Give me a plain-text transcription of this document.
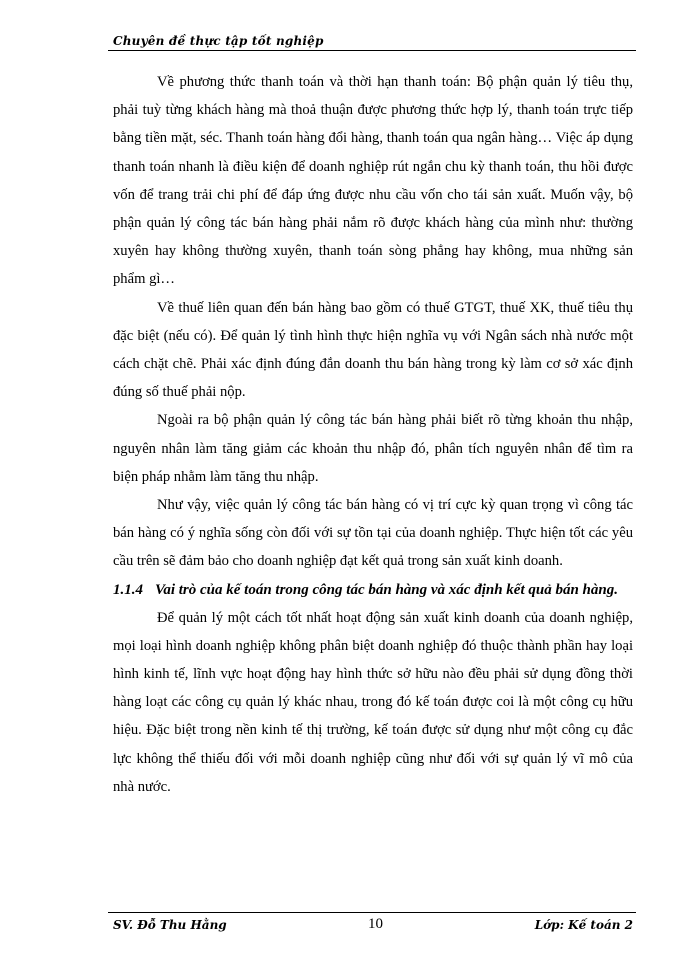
Chuyên đề thực tập tốt nghiệp

Về phương thức thanh toán và thời hạn thanh toán: Bộ phận quản lý tiêu thụ, phải tuỳ từng khách hàng mà thoả thuận được phương thức hợp lý, thanh toán trực tiếp bằng tiền mặt, séc. Thanh toán hàng đổi hàng, thanh toán qua ngân hàng… Việc áp dụng thanh toán nhanh là điều kiện để doanh nghiệp rút ngắn chu kỳ thanh toán, thu hồi được vốn để trang trải chi phí để đáp ứng được nhu cầu vốn cho tái sản xuất. Muốn vậy, bộ phận quản lý công tác bán hàng phải nắm rõ được khách hàng của mình như: thường xuyên hay không thường xuyên, thanh toán sòng phẳng hay không, mua những sản phẩm gì…

Về thuế liên quan đến bán hàng bao gồm có thuế GTGT, thuế XK, thuế tiêu thụ đặc biệt (nếu có). Để quản lý tình hình thực hiện nghĩa vụ với Ngân sách nhà nước một cách chặt chẽ. Phải xác định đúng đắn doanh thu bán hàng trong kỳ làm cơ sở xác định đúng số thuế phải nộp.

Ngoài ra bộ phận quản lý công tác bán hàng phải biết rõ từng khoản thu nhập, nguyên nhân làm tăng giảm các khoản thu nhập đó, phân tích nguyên nhân để tìm ra biện pháp nhằm làm tăng thu nhập.

Như vậy, việc quản lý công tác bán hàng có vị trí cực kỳ quan trọng vì công tác bán hàng có ý nghĩa sống còn đối với sự tồn tại của doanh nghiệp. Thực hiện tốt các yêu cầu trên sẽ đảm bảo cho doanh nghiệp đạt kết quả trong sản xuất kinh doanh.

1.1.4 Vai trò của kế toán trong công tác bán hàng và xác định kết quả bán hàng.

Để quản lý một cách tốt nhất hoạt động sản xuất kinh doanh của doanh nghiệp, mọi loại hình doanh nghiệp không phân biệt doanh nghiệp đó thuộc thành phần hay loại hình kinh tế, lĩnh vực hoạt động hay hình thức sở hữu nào đều phải sử dụng đồng thời hàng loạt các công cụ quản lý khác nhau, trong đó kế toán được coi là một công cụ hữu hiệu. Đặc biệt trong nền kinh tế thị trường, kế toán được sử dụng như một công cụ đắc lực không thể thiếu đối với mỗi doanh nghiệp cũng như đối với sự quản lý vĩ mô của nhà nước.

SV. Đỗ Thu Hằng	10	Lớp: Kế toán 2
